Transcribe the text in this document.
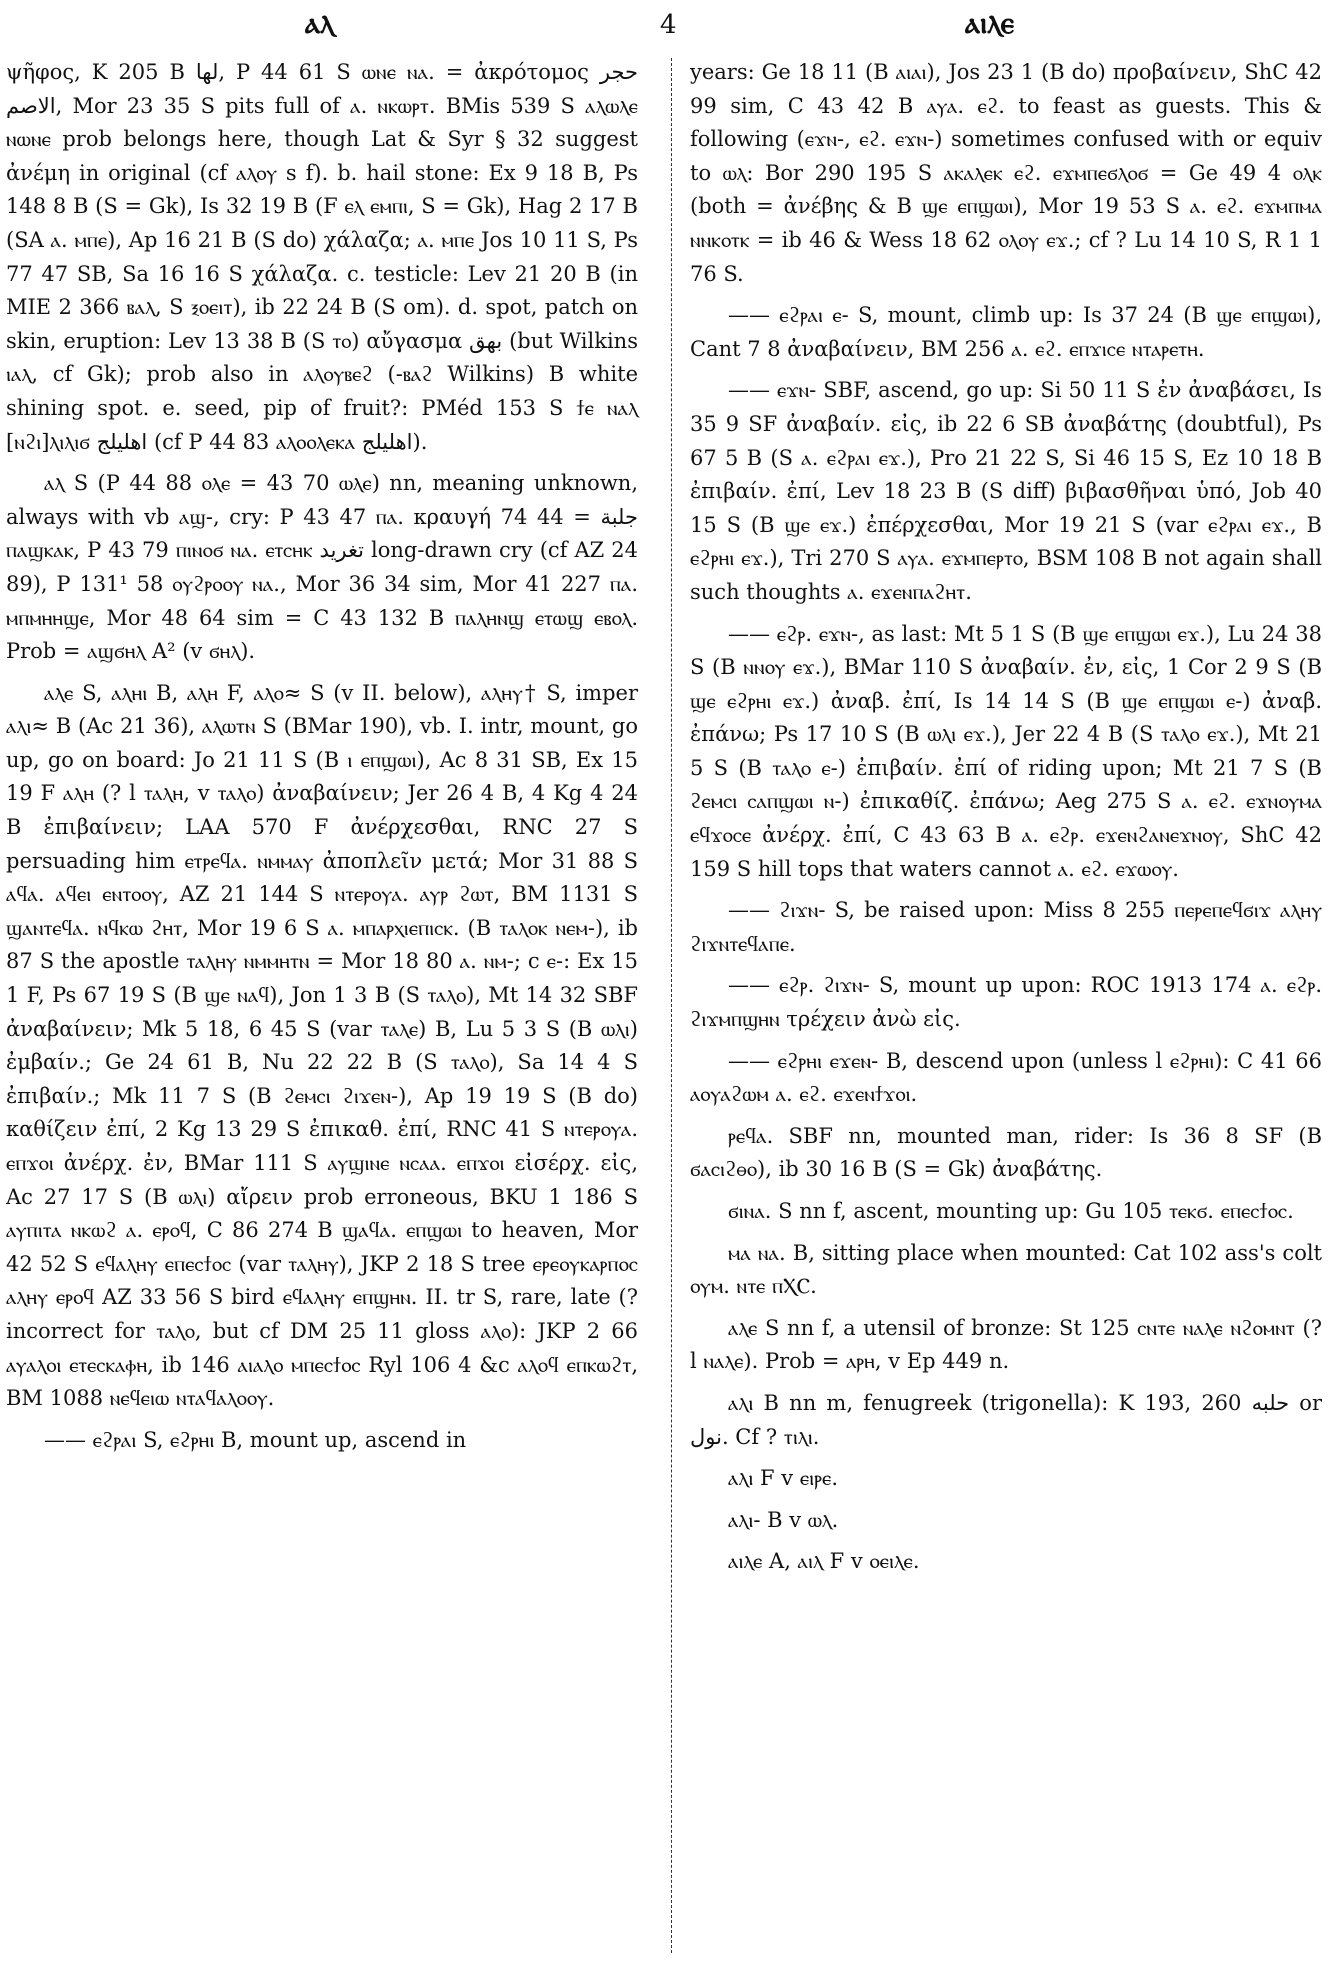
ⲁⲗ	4	ⲁⲓⲗⲉ

ψῆφος, K 205 B ﻟﻬﺎ, P 44 61 S ⲱⲛⲉ ⲛⲁ. = ἀκρότομος ﺣﺠﺮ ﺍﻻﺻﻢ, Mor 23 35 S pits full of ⲁ. ⲛⲕⲱⲣⲧ. BMis 539 S ⲁⲗⲱⲗⲉ ⲛⲱⲛⲉ prob belongs here, though Lat & Syr § 32 suggest ἀνέμη in original (cf ⲁⲗⲟⲩ s f). b. hail stone: Ex 9 18 B, Ps 148 8 B (S = Gk), Is 32 19 B (F ⲉⲗ ⲉⲙⲡⲓ, S = Gk), Hag 2 17 B (SA ⲁ. ⲙⲡⲉ), Ap 16 21 B (S do) χάλαζα; ⲁ. ⲙⲡⲉ Jos 10 11 S, Ps 77 47 SB, Sa 16 16 S χάλαζα. c. testicle: Lev 21 20 B (in MIE 2 366 ⲃⲁⲗ, S ⲝⲟⲉⲓⲧ), ib 22 24 B (S om). d. spot, patch on skin, eruption: Lev 13 38 B (S ⲧⲟ) αὔγασμα ﺑﻬﻖ (but Wilkins ⲓⲁⲗ, cf Gk); prob also in ⲁⲗⲟⲩⲃⲉϩ (-ⲃⲁϩ Wilkins) B white shining spot. e. seed, pip of fruit?: PMéd 153 S ϯⲉ ⲛⲁⲗ [ⲛϩⲓ]ⲗⲓⲗⲓϭ ﺍﻫﻠﻴﻠﺞ (cf P 44 83 ⲁⲗⲟⲟⲗⲉⲕⲁ ﺍﻫﻠﻴﻠﺞ).

ⲁⲗ S (P 44 88 ⲟⲗⲉ = 43 70 ⲱⲗⲉ) nn, meaning unknown, always with vb ⲁϣ-, cry: P 43 47 ⲡⲁ. κραυγή ﺟﻠﺒﺔ = 44 74 ⲡⲁϣⲕⲁⲕ, P 43 79 ⲡⲓⲛⲟϭ ⲛⲁ. ⲉⲧⲥⲏⲕ ﺗﻐﺮﻳﺪ long-drawn cry (cf AZ 24 89), P 131¹ 58 ⲟⲩϩⲣⲟⲟⲩ ⲛⲁ., Mor 36 34 sim, Mor 41 227 ⲡⲁ. ⲙⲡⲙⲏⲏϣⲉ, Mor 48 64 sim = C 43 132 B ⲡⲁⲗⲏⲛϣ ⲉⲧⲱϣ ⲉⲃⲟⲗ. Prob = ⲁϣϭⲏⲗ A² (v ϭⲏⲗ).

ⲁⲗⲉ S, ⲁⲗⲏⲓ B, ⲁⲗⲏ F, ⲁⲗⲟ≈ S (v II. below), ⲁⲗⲏⲩ† S, imper ⲁⲗⲓ≈ B (Ac 21 36), ⲁⲗⲱⲧⲛ S (BMar 190), vb. I. intr, mount, go up, go on board: Jo 21 11 S (B ⲓ ⲉⲡϣⲱⲓ), Ac 8 31 SB, Ex 15 19 F ⲁⲗⲏ (? l ⲧⲁⲗⲏ, v ⲧⲁⲗⲟ) ἀναβαίνειν; Jer 26 4 B, 4 Kg 4 24 B ἐπιβαίνειν; LAA 570 F ἀνέρχεσθαι, RNC 27 S persuading him ⲉⲧⲣⲉϥⲁ. ⲛⲙⲙⲁⲩ ἀποπλεῖν μετά; Mor 31 88 S ⲁϥⲁ. ⲁϥⲉⲓ ⲉⲛⲧⲟⲟⲩ, AZ 21 144 S ⲛⲧⲉⲣⲟⲩⲁ. ⲁⲩⲣ ϩⲱⲧ, BM 1131 S ϣⲁⲛⲧⲉϥⲁ. ⲛϥⲕⲱ ϩⲏⲧ, Mor 19 6 S ⲁ. ⲙⲡⲁⲣⲭⲓⲉⲡⲓⲥⲕ. (B ⲧⲁⲗⲟⲕ ⲛⲉⲙ-), ib 87 S the apostle ⲧⲁⲗⲏⲩ ⲛⲙⲙⲏⲧⲛ = Mor 18 80 ⲁ. ⲛⲙ-; c ⲉ-: Ex 15 1 F, Ps 67 19 S (B ϣⲉ ⲛⲁϥ), Jon 1 3 B (S ⲧⲁⲗⲟ), Mt 14 32 SBF ἀναβαίνειν; Mk 5 18, 6 45 S (var ⲧⲁⲗⲉ) B, Lu 5 3 S (B ⲱⲗⲓ) ἐμβαίν.; Ge 24 61 B, Nu 22 22 B (S ⲧⲁⲗⲟ), Sa 14 4 S ἐπιβαίν.; Mk 11 7 S (B ϩⲉⲙⲥⲓ ϩⲓϫⲉⲛ-), Ap 19 19 S (B do) καθίζειν ἐπί, 2 Kg 13 29 S ἐπικαθ. ἐπί, RNC 41 S ⲛⲧⲉⲣⲟⲩⲁ. ⲉⲡϫⲟⲓ ἀνέρχ. ἐν, BMar 111 S ⲁⲩϣⲓⲛⲉ ⲛⲥⲁⲁ. ⲉⲡϫⲟⲓ εἰσέρχ. εἰς, Ac 27 17 S (B ⲱⲗⲓ) αἴρειν prob erroneous, BKU 1 186 S ⲁⲩⲡⲓⲧⲁ ⲛⲕⲱϩ ⲁ. ⲉⲣⲟϥ, C 86 274 B ϣⲁϥⲁ. ⲉⲡϣⲱⲓ to heaven, Mor 42 52 S ⲉϥⲁⲗⲏⲩ ⲉⲡⲉⲥϯⲟⲥ (var ⲧⲁⲗⲏⲩ), JKP 2 18 S tree ⲉⲣⲉⲟⲩⲕⲁⲣⲡⲟⲥ ⲁⲗⲏⲩ ⲉⲣⲟϥ AZ 33 56 S bird ⲉϥⲁⲗⲏⲩ ⲉⲡϣⲏⲛ. II. tr S, rare, late (? incorrect for ⲧⲁⲗⲟ, but cf DM 25 11 gloss ⲁⲗⲟ): JKP 2 66 ⲁⲩⲁⲗⲟⲓ ⲉⲧⲉⲥⲕⲁⲫⲏ, ib 146 ⲁⲓⲁⲗⲟ ⲙⲡⲉⲥϯⲟⲥ Ryl 106 4 &c ⲁⲗⲟϥ ⲉⲡⲕⲱϩⲧ, BM 1088 ⲛⲉϥⲉⲓⲱ ⲛⲧⲁϥⲁⲗⲟⲟⲩ.

—— ⲉϩⲣⲁⲓ S, ⲉϩⲣⲏⲓ B, mount up, ascend in

years: Ge 18 11 (B ⲁⲓⲁⲓ), Jos 23 1 (B do) προβαίνειν, ShC 42 99 sim, C 43 42 B ⲁⲩⲁ. ⲉϩ. to feast as guests. This & following (ⲉϫⲛ-, ⲉϩ. ⲉϫⲛ-) sometimes confused with or equiv to ⲱⲗ: Bor 290 195 S ⲁⲕⲁⲗⲉⲕ ⲉϩ. ⲉϫⲙⲡⲉϭⲗⲟϭ = Ge 49 4 ⲟⲗⲕ (both = ἀνέβης & B ϣⲉ ⲉⲡϣⲱⲓ), Mor 19 53 S ⲁ. ⲉϩ. ⲉϫⲙⲡⲙⲁ ⲛⲛⲕⲟⲧⲕ = ib 46 & Wess 18 62 ⲟⲗⲟⲩ ⲉϫ.; cf ? Lu 14 10 S, R 1 1 76 S.

—— ⲉϩⲣⲁⲓ ⲉ- S, mount, climb up: Is 37 24 (B ϣⲉ ⲉⲡϣⲱⲓ), Cant 7 8 ἀναβαίνειν, BM 256 ⲁ. ⲉϩ. ⲉⲡϫⲓⲥⲉ ⲛⲧⲁⲣⲉⲧⲏ.

—— ⲉϫⲛ- SBF, ascend, go up: Si 50 11 S ἐν ἀναβάσει, Is 35 9 SF ἀναβαίν. εἰς, ib 22 6 SB ἀναβάτης (doubtful), Ps 67 5 B (S ⲁ. ⲉϩⲣⲁⲓ ⲉϫ.), Pro 21 22 S, Si 46 15 S, Ez 10 18 B ἐπιβαίν. ἐπί, Lev 18 23 B (S diff) βιβασθῆναι ὑπό, Job 40 15 S (B ϣⲉ ⲉϫ.) ἐπέρχεσθαι, Mor 19 21 S (var ⲉϩⲣⲁⲓ ⲉϫ., B ⲉϩⲣⲏⲓ ⲉϫ.), Tri 270 S ⲁⲩⲁ. ⲉϫⲙⲡⲉⲣⲧⲟ, BSM 108 B not again shall such thoughts ⲁ. ⲉϫⲉⲛⲡⲁϩⲏⲧ.

—— ⲉϩⲣ. ⲉϫⲛ-, as last: Mt 5 1 S (B ϣⲉ ⲉⲡϣⲱⲓ ⲉϫ.), Lu 24 38 S (B ⲛⲛⲟⲩ ⲉϫ.), BMar 110 S ἀναβαίν. ἐν, εἰς, 1 Cor 2 9 S (B ϣⲉ ⲉϩⲣⲏⲓ ⲉϫ.) ἀναβ. ἐπί, Is 14 14 S (B ϣⲉ ⲉⲡϣⲱⲓ ⲉ-) ἀναβ. ἐπάνω; Ps 17 10 S (B ⲱⲗⲓ ⲉϫ.), Jer 22 4 B (S ⲧⲁⲗⲟ ⲉϫ.), Mt 21 5 S (B ⲧⲁⲗⲟ ⲉ-) ἐπιβαίν. ἐπί of riding upon; Mt 21 7 S (B ϩⲉⲙⲥⲓ ⲥⲁⲡϣⲱⲓ ⲛ-) ἐπικαθίζ. ἐπάνω; Aeg 275 S ⲁ. ⲉϩ. ⲉϫⲛⲟⲩⲙⲁ ⲉϥϫⲟⲥⲉ ἀνέρχ. ἐπί, C 43 63 B ⲁ. ⲉϩⲣ. ⲉϫⲉⲛϩⲁⲛⲉϫⲛⲟⲩ, ShC 42 159 S hill tops that waters cannot ⲁ. ⲉϩ. ⲉϫⲱⲟⲩ.

—— ϩⲓϫⲛ- S, be raised upon: Miss 8 255 ⲡⲉⲣⲉⲡⲉϥϭⲓϫ ⲁⲗⲏⲩ ϩⲓϫⲛⲧⲉϥⲁⲡⲉ.

—— ⲉϩⲣ. ϩⲓϫⲛ- S, mount up upon: ROC 1913 174 ⲁ. ⲉϩⲣ. ϩⲓϫⲙⲡϣⲏⲛ τρέχειν ἀνὼ εἰς.

—— ⲉϩⲣⲏⲓ ⲉϫⲉⲛ- B, descend upon (unless l ⲉϩⲣⲏⲓ): C 41 66 ⲁⲟⲩⲁϩⲱⲙ ⲁ. ⲉϩ. ⲉϫⲉⲛϯϫⲟⲓ.

ⲣⲉϥⲁ. SBF nn, mounted man, rider: Is 36 8 SF (B ϭⲁⲥⲓϩⲑⲟ), ib 30 16 B (S = Gk) ἀναβάτης.

ϭⲓⲛⲁ. S nn f, ascent, mounting up: Gu 105 ⲧⲉⲕϭ. ⲉⲡⲉⲥϯⲟⲥ.

ⲙⲁ ⲛⲁ. B, sitting place when mounted: Cat 102 ass's colt ⲟⲩⲙ. ⲛⲧⲉ ⲡⲬⲤ.

ⲁⲗⲉ S nn f, a utensil of bronze: St 125 ⲥⲛⲧⲉ ⲛⲁⲗⲉ ⲛϩⲟⲙⲛⲧ (? l ⲛⲁⲗⲉ). Prob = ⲁⲣⲏ, v Ep 449 n.

ⲁⲗⲓ B nn m, fenugreek (trigonella): K 193, 260 ﺣﻠﺒﻪ or ﻧﻮﻝ. Cf ? ⲧⲓⲗⲓ.

ⲁⲗⲓ F v ⲉⲓⲣⲉ.

ⲁⲗⲓ- B v ⲱⲗ.

ⲁⲓⲗⲉ A, ⲁⲓⲗ F v ⲟⲉⲓⲗⲉ.
